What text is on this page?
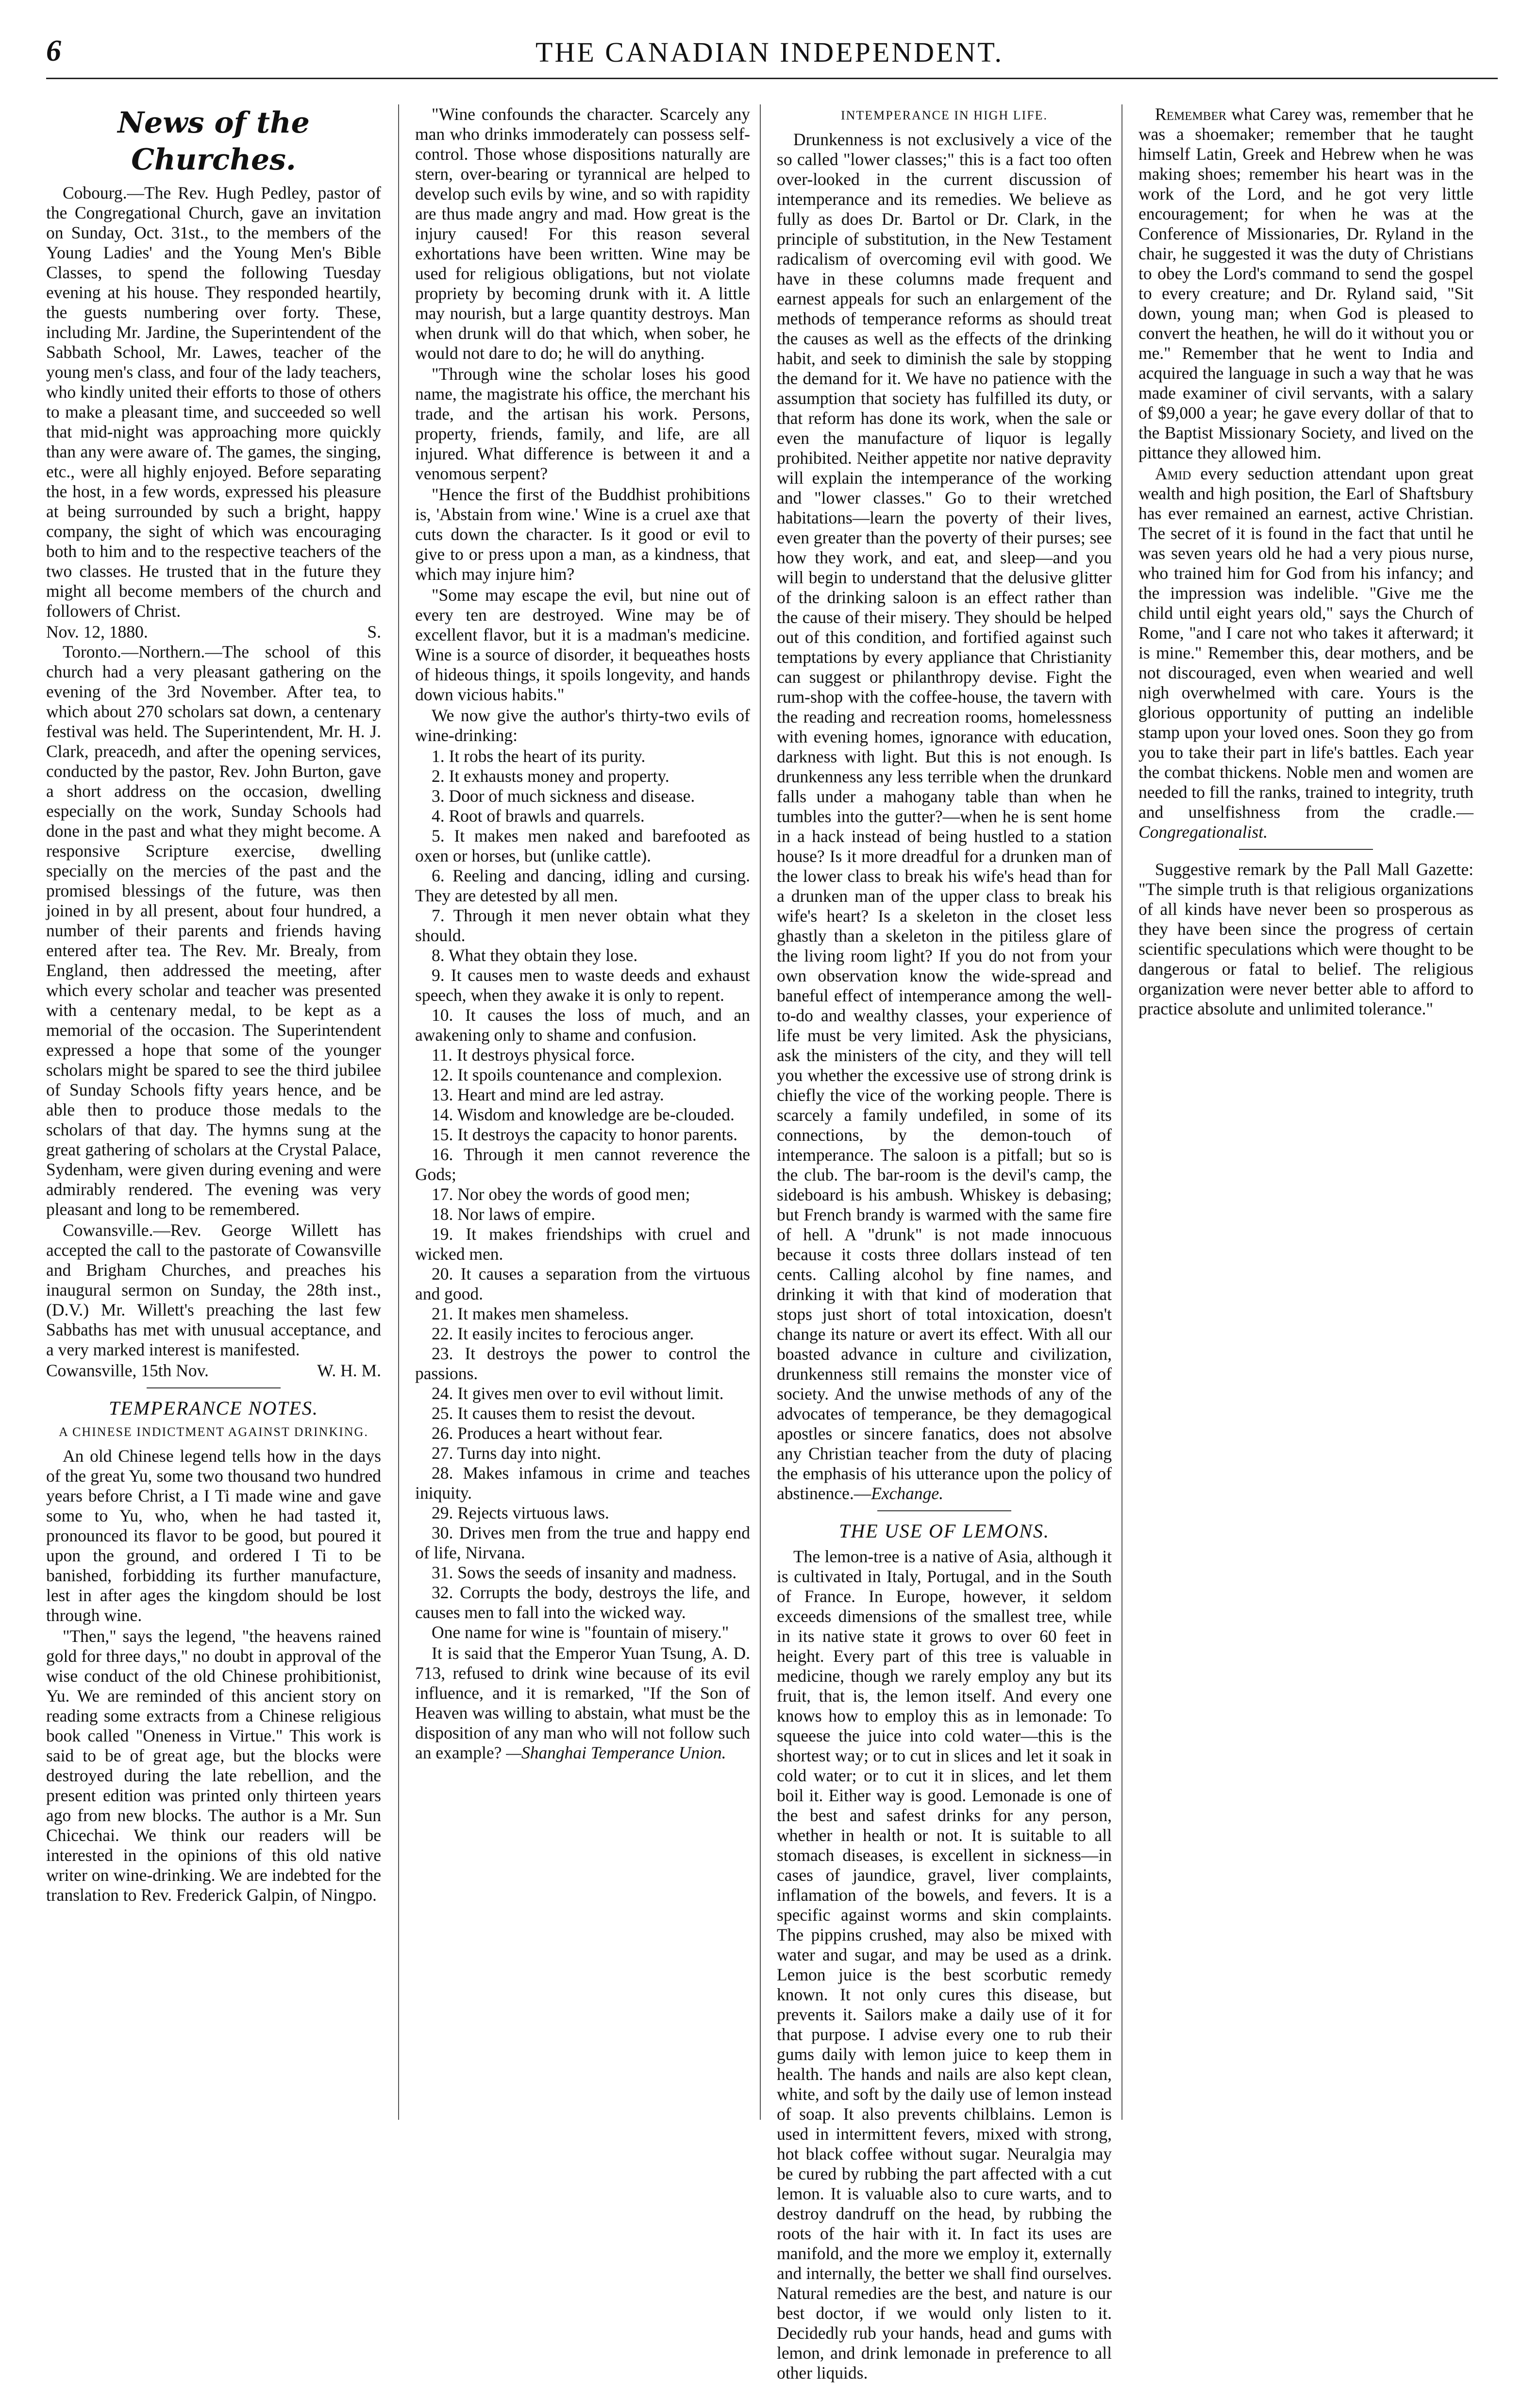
6	THE CANADIAN INDEPENDENT.
News of the Churches.

Cobourg.—The Rev. Hugh Pedley, pastor of the Congregational Church, gave an invitation on Sunday, Oct. 31st., to the members of the Young Ladies' and the Young Men's Bible Classes, to spend the following Tuesday evening at his house. They responded heartily, the guests numbering over forty. These, including Mr. Jardine, the Superintendent of the Sabbath School, Mr. Lawes, teacher of the young men's class, and four of the lady teachers, who kindly united their efforts to those of others to make a pleasant time, and succeeded so well that mid-night was approaching more quickly than any were aware of. The games, the singing, etc., were all highly enjoyed. Before separating the host, in a few words, expressed his pleasure at being surrounded by such a bright, happy company, the sight of which was encouraging both to him and to the respective teachers of the two classes. He trusted that in the future they might all become members of the church and followers of Christ.

Nov. 12, 1880.	S.

Toronto.—Northern.—The school of this church had a very pleasant gathering on the evening of the 3rd November. After tea, to which about 270 scholars sat down, a centenary festival was held. The Superintendent, Mr. H. J. Clark, preacedh, and after the opening services, conducted by the pastor, Rev. John Burton, gave a short address on the occasion, dwelling especially on the work, Sunday Schools had done in the past and what they might become. A responsive Scripture exercise, dwelling specially on the mercies of the past and the promised blessings of the future, was then joined in by all present, about four hundred, a number of their parents and friends having entered after tea. The Rev. Mr. Brealy, from England, then addressed the meeting, after which every scholar and teacher was presented with a centenary medal, to be kept as a memorial of the occasion. The Superintendent expressed a hope that some of the younger scholars might be spared to see the third jubilee of Sunday Schools fifty years hence, and be able then to produce those medals to the scholars of that day. The hymns sung at the great gathering of scholars at the Crystal Palace, Sydenham, were given during evening and were admirably rendered. The evening was very pleasant and long to be remembered.

Cowansville.—Rev. George Willett has accepted the call to the pastorate of Cowansville and Brigham Churches, and preaches his inaugural sermon on Sunday, the 28th inst., (D.V.) Mr. Willett's preaching the last few Sabbaths has met with unusual acceptance, and a very marked interest is manifested.

Cowansville, 15th Nov.	W. H. M.
TEMPERANCE NOTES.
A CHINESE INDICTMENT AGAINST DRINKING.

An old Chinese legend tells how in the days of the great Yu, some two thousand two hundred years before Christ, a I Ti made wine and gave some to Yu, who, when he had tasted it, pronounced its flavor to be good, but poured it upon the ground, and ordered I Ti to be banished, forbidding its further manufacture, lest in after ages the kingdom should be lost through wine.

"Then," says the legend, "the heavens rained gold for three days," no doubt in approval of the wise conduct of the old Chinese prohibitionist, Yu. We are reminded of this ancient story on reading some extracts from a Chinese religious book called "Oneness in Virtue." This work is said to be of great age, but the blocks were destroyed during the late rebellion, and the present edition was printed only thirteen years ago from new blocks. The author is a Mr. Sun Chicechai. We think our readers will be interested in the opinions of this old native writer on wine-drinking. We are indebted for the translation to Rev. Frederick Galpin, of Ningpo.

"Wine confounds the character. Scarcely any man who drinks immoderately can possess self-control. Those whose dispositions naturally are stern, over-bearing or tyrannical are helped to develop such evils by wine, and so with rapidity are thus made angry and mad. How great is the injury caused! For this reason several exhortations have been written. Wine may be used for religious obligations, but not violate propriety by becoming drunk with it. A little may nourish, but a large quantity destroys. Man when drunk will do that which, when sober, he would not dare to do; he will do anything.

"Through wine the scholar loses his good name, the magistrate his office, the merchant his trade, and the artisan his work. Persons, property, friends, family, and life, are all injured. What difference is between it and a venomous serpent?

"Hence the first of the Buddhist prohibitions is, 'Abstain from wine.' Wine is a cruel axe that cuts down the character. Is it good or evil to give to or press upon a man, as a kindness, that which may injure him?

"Some may escape the evil, but nine out of every ten are destroyed. Wine may be of excellent flavor, but it is a madman's medicine. Wine is a source of disorder, it bequeathes hosts of hideous things, it spoils longevity, and hands down vicious habits."

We now give the author's thirty-two evils of wine-drinking:

1. It robs the heart of its purity.
2. It exhausts money and property.
3. Door of much sickness and disease.
4. Root of brawls and quarrels.
5. It makes men naked and barefooted as oxen or horses, but (unlike cattle).
6. Reeling and dancing, idling and cursing. They are detested by all men.
7. Through it men never obtain what they should.
8. What they obtain they lose.
9. It causes men to waste deeds and exhaust speech, when they awake it is only to repent.
10. It causes the loss of much, and an awakening only to shame and confusion.
11. It destroys physical force.
12. It spoils countenance and complexion.
13. Heart and mind are led astray.
14. Wisdom and knowledge are be-clouded.
15. It destroys the capacity to honor parents.
16. Through it men cannot reverence the Gods;
17. Nor obey the words of good men;
18. Nor laws of empire.
19. It makes friendships with cruel and wicked men.
20. It causes a separation from the virtuous and good.
21. It makes men shameless.
22. It easily incites to ferocious anger.
23. It destroys the power to control the passions.
24. It gives men over to evil without limit.
25. It causes them to resist the devout.
26. Produces a heart without fear.
27. Turns day into night.
28. Makes infamous in crime and teaches iniquity.
29. Rejects virtuous laws.
30. Drives men from the true and happy end of life, Nirvana.
31. Sows the seeds of insanity and madness.
32. Corrupts the body, destroys the life, and causes men to fall into the wicked way.

One name for wine is "fountain of misery."

It is said that the Emperor Yuan Tsung, A. D. 713, refused to drink wine because of its evil influence, and it is remarked, "If the Son of Heaven was willing to abstain, what must be the disposition of any man who will not follow such an example? —Shanghai Temperance Union.

INTEMPERANCE IN HIGH LIFE.

Drunkenness is not exclusively a vice of the so called "lower classes;" this is a fact too often over-looked in the current discussion of intemperance and its remedies. We believe as fully as does Dr. Bartol or Dr. Clark, in the principle of substitution, in the New Testament radicalism of overcoming evil with good. We have in these columns made frequent and earnest appeals for such an enlargement of the methods of temperance reforms as should treat the causes as well as the effects of the drinking habit, and seek to diminish the sale by stopping the demand for it. We have no patience with the assumption that society has fulfilled its duty, or that reform has done its work, when the sale or even the manufacture of liquor is legally prohibited. Neither appetite nor native depravity will explain the intemperance of the working and "lower classes." Go to their wretched habitations—learn the poverty of their lives, even greater than the poverty of their purses; see how they work, and eat, and sleep—and you will begin to understand that the delusive glitter of the drinking saloon is an effect rather than the cause of their misery. They should be helped out of this condition, and fortified against such temptations by every appliance that Christianity can suggest or philanthropy devise. Fight the rum-shop with the coffee-house, the tavern with the reading and recreation rooms, homelessness with evening homes, ignorance with education, darkness with light. But this is not enough. Is drunkenness any less terrible when the drunkard falls under a mahogany table than when he tumbles into the gutter?—when he is sent home in a hack instead of being hustled to a station house? Is it more dreadful for a drunken man of the lower class to break his wife's head than for a drunken man of the upper class to break his wife's heart? Is a skeleton in the closet less ghastly than a skeleton in the pitiless glare of the living room light? If you do not from your own observation know the wide-spread and baneful effect of intemperance among the well-to-do and wealthy classes, your experience of life must be very limited. Ask the physicians, ask the ministers of the city, and they will tell you whether the excessive use of strong drink is chiefly the vice of the working people. There is scarcely a family undefiled, in some of its connections, by the demon-touch of intemperance. The saloon is a pitfall; but so is the club. The bar-room is the devil's camp, the sideboard is his ambush. Whiskey is debasing; but French brandy is warmed with the same fire of hell. A "drunk" is not made innocuous because it costs three dollars instead of ten cents. Calling alcohol by fine names, and drinking it with that kind of moderation that stops just short of total intoxication, doesn't change its nature or avert its effect. With all our boasted advance in culture and civilization, drunkenness still remains the monster vice of society. And the unwise methods of any of the advocates of temperance, be they demagogical apostles or sincere fanatics, does not absolve any Christian teacher from the duty of placing the emphasis of his utterance upon the policy of abstinence.—Exchange.

THE USE OF LEMONS.

The lemon-tree is a native of Asia, although it is cultivated in Italy, Portugal, and in the South of France. In Europe, however, it seldom exceeds dimensions of the smallest tree, while in its native state it grows to over 60 feet in height. Every part of this tree is valuable in medicine, though we rarely employ any but its fruit, that is, the lemon itself. And every one knows how to employ this as in lemonade: To squeese the juice into cold water—this is the shortest way; or to cut in slices and let it soak in cold water; or to cut it in slices, and let them boil it. Either way is good. Lemonade is one of the best and safest drinks for any person, whether in health or not. It is suitable to all stomach diseases, is excellent in sickness—in cases of jaundice, gravel, liver complaints, inflamation of the bowels, and fevers. It is a specific against worms and skin complaints. The pippins crushed, may also be mixed with water and sugar, and may be used as a drink. Lemon juice is the best scorbutic remedy known. It not only cures this disease, but prevents it. Sailors make a daily use of it for that purpose. I advise every one to rub their gums daily with lemon juice to keep them in health. The hands and nails are also kept clean, white, and soft by the daily use of lemon instead of soap. It also prevents chilblains. Lemon is used in intermittent fevers, mixed with strong, hot black coffee without sugar. Neuralgia may be cured by rubbing the part affected with a cut lemon. It is valuable also to cure warts, and to destroy dandruff on the head, by rubbing the roots of the hair with it. In fact its uses are manifold, and the more we employ it, externally and internally, the better we shall find ourselves. Natural remedies are the best, and nature is our best doctor, if we would only listen to it. Decidedly rub your hands, head and gums with lemon, and drink lemonade in preference to all other liquids.

Remember what Carey was, remember that he was a shoemaker; remember that he taught himself Latin, Greek and Hebrew when he was making shoes; remember his heart was in the work of the Lord, and he got very little encouragement; for when he was at the Conference of Missionaries, Dr. Ryland in the chair, he suggested it was the duty of Christians to obey the Lord's command to send the gospel to every creature; and Dr. Ryland said, "Sit down, young man; when God is pleased to convert the heathen, he will do it without you or me." Remember that he went to India and acquired the language in such a way that he was made examiner of civil servants, with a salary of $9,000 a year; he gave every dollar of that to the Baptist Missionary Society, and lived on the pittance they allowed him.

Amid every seduction attendant upon great wealth and high position, the Earl of Shaftsbury has ever remained an earnest, active Christian. The secret of it is found in the fact that until he was seven years old he had a very pious nurse, who trained him for God from his infancy; and the impression was indelible. "Give me the child until eight years old," says the Church of Rome, "and I care not who takes it afterward; it is mine." Remember this, dear mothers, and be not discouraged, even when wearied and well nigh overwhelmed with care. Yours is the glorious opportunity of putting an indelible stamp upon your loved ones. Soon they go from you to take their part in life's battles. Each year the combat thickens. Noble men and women are needed to fill the ranks, trained to integrity, truth and unselfishness from the cradle.—Congregationalist.

Suggestive remark by the Pall Mall Gazette: "The simple truth is that religious organizations of all kinds have never been so prosperous as they have been since the progress of certain scientific speculations which were thought to be dangerous or fatal to belief. The religious organization were never better able to afford to practice absolute and unlimited tolerance."
